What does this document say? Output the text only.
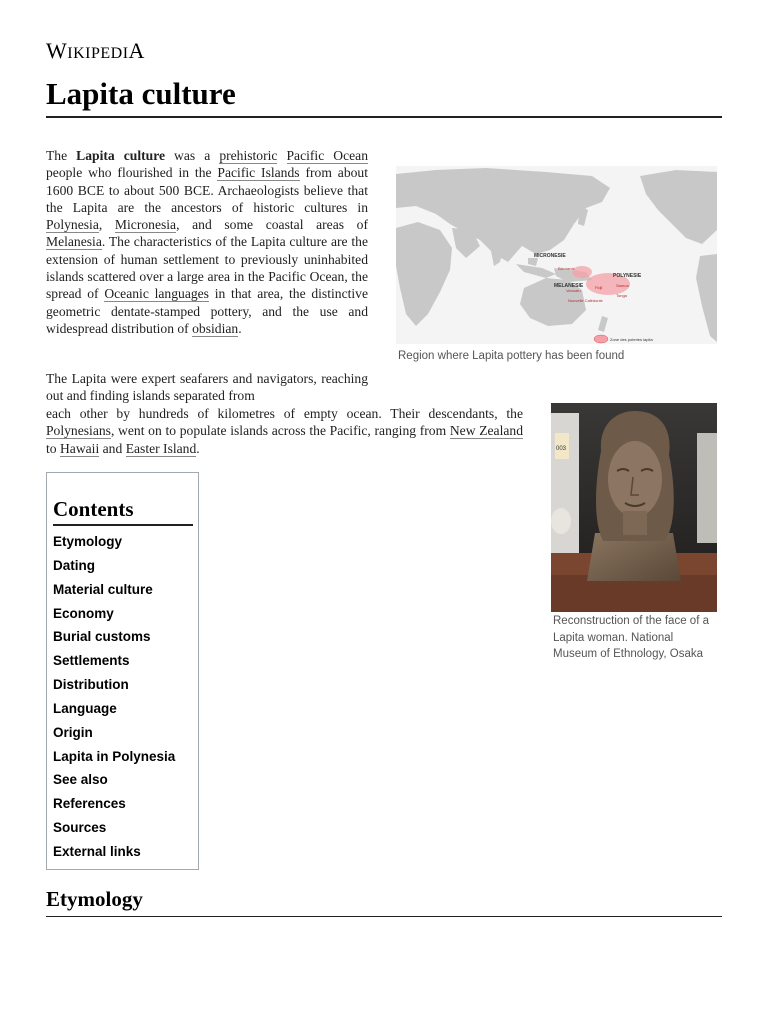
WIKIPEDIA
Lapita culture

The Lapita culture was a prehistoric Pacific Ocean people who flourished in the Pacific Islands from about 1600 BCE to about 500 BCE. Archaeologists believe that the Lapita are the ancestors of historic cultures in Polynesia, Micronesia, and some coastal areas of Melanesia. The characteristics of the Lapita culture are the extension of human settlement to previously uninhabited islands scattered over a large area in the Pacific Ocean, the spread of Oceanic languages in that area, the distinctive geometric dentate-stamped pottery, and the use and widespread distribution of obsidian.

MICRONESIE
MELANESIE
POLYNESIE
Bismarck
Vanuatu
Fidji	Samoa
Tonga
Nouvelle Calédonie
Zone des poteries lapita
Region where Lapita pottery has been found

The Lapita were expert seafarers and navigators, reaching out and finding islands separated from

each other by hundreds of kilometres of empty ocean. Their descendants, the Polynesians, went on to populate islands across the Pacific, ranging from New Zealand to Hawaii and Easter Island.	003
Reconstruction of the face of a Lapita woman. National Museum of Ethnology, Osaka
Contents
Etymology
Dating
Material culture
Economy
Burial customs
Settlements
Distribution
Language
Origin
Lapita in Polynesia
See also
References
Sources
External links
Etymology
